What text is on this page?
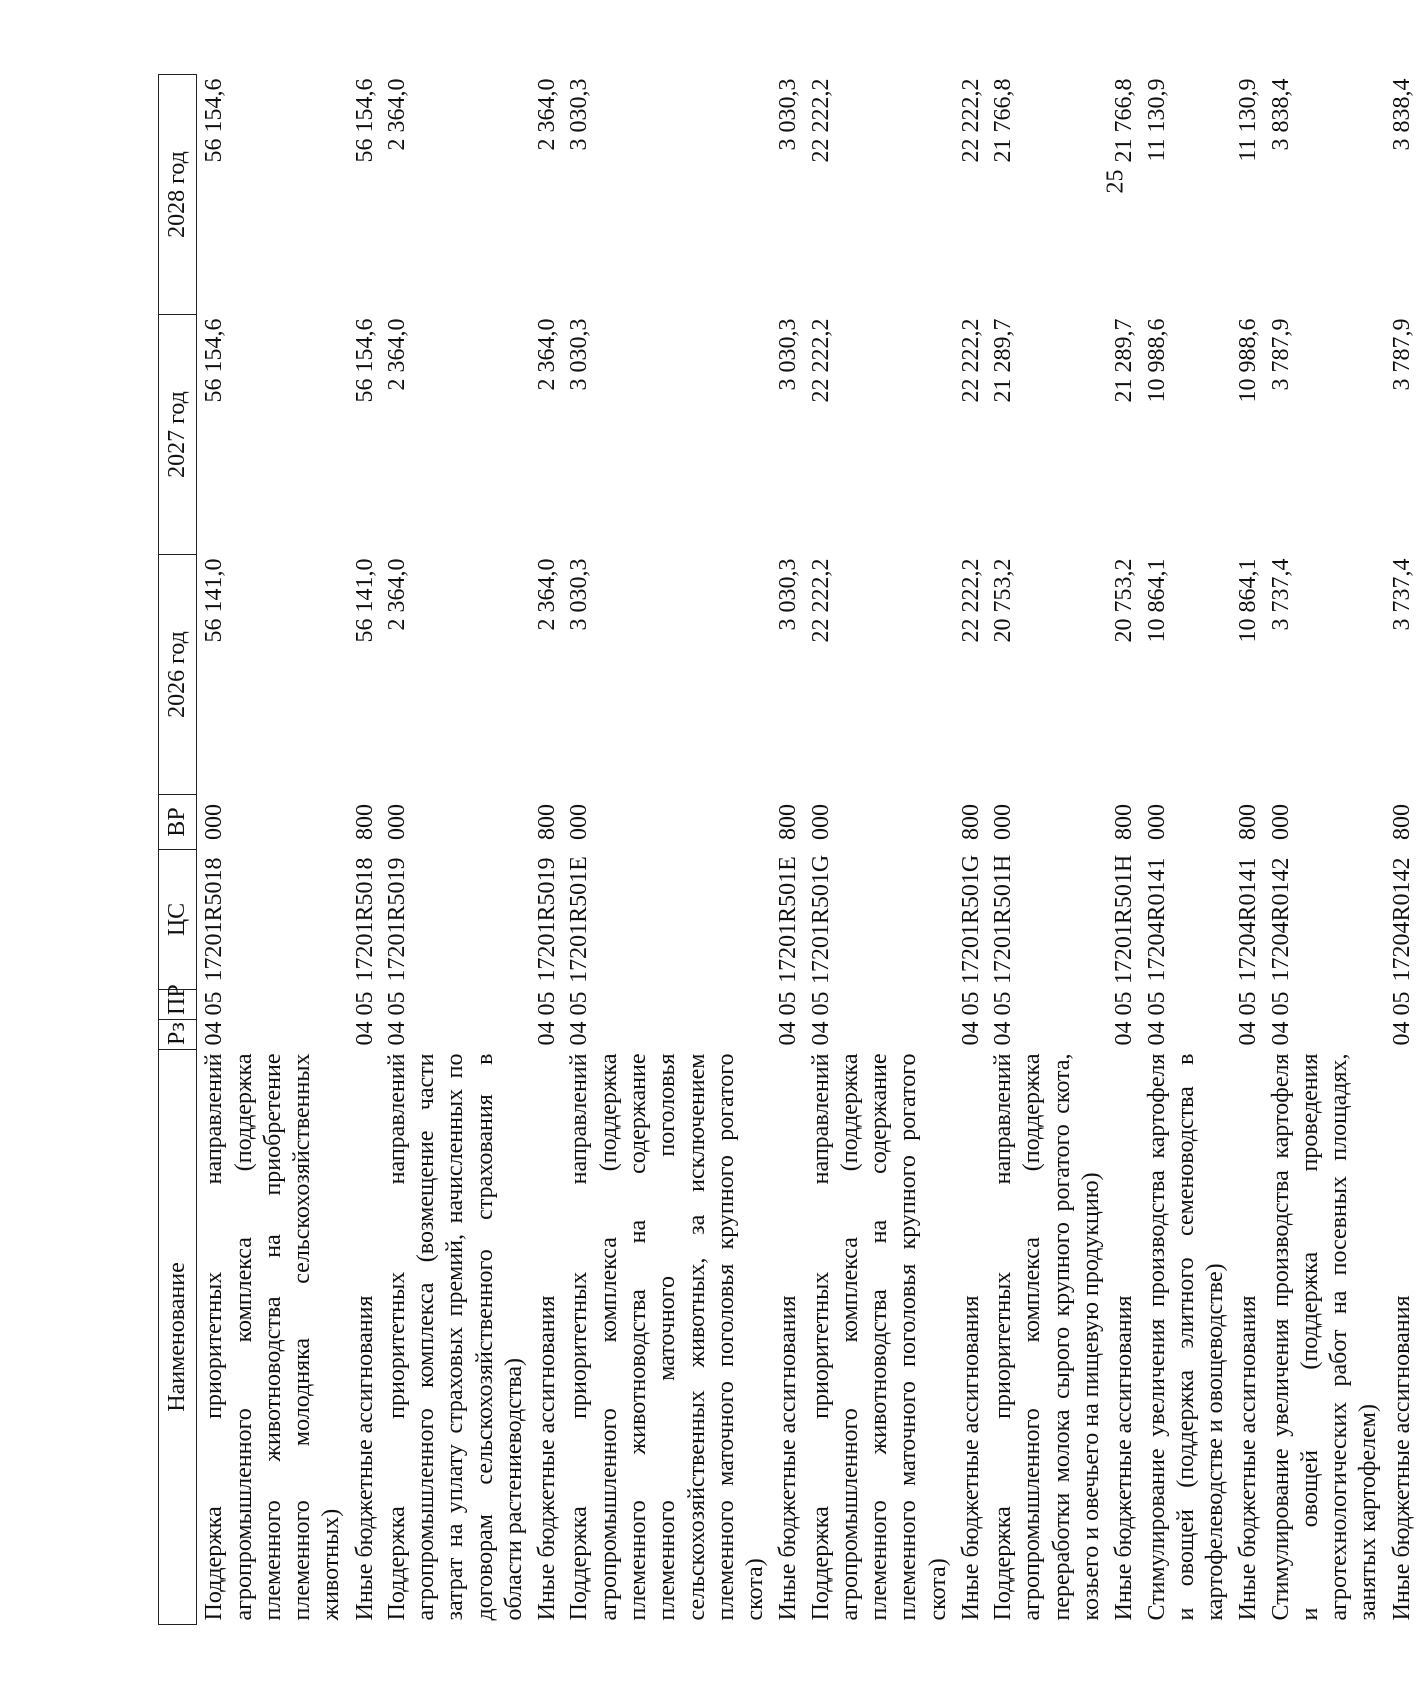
25
Наименование	Рз	ПР	ЦС	ВР	2026 год	2027 год	2028 год
Поддержка приоритетных направлений агропромышленного комплекса (поддержка племенного животноводства на приобретение племенного молодняка сельскохозяйственных животных)	04	05	17201R5018	000	56 141,0	56 154,6	56 154,6
Иные бюджетные ассигнования	04	05	17201R5018	800	56 141,0	56 154,6	56 154,6
Поддержка приоритетных направлений агропромышленного комплекса (возмещение части затрат на уплату страховых премий, начисленных по договорам сельскохозяйственного страхования в области растениеводства)	04	05	17201R5019	000	2 364,0	2 364,0	2 364,0
Иные бюджетные ассигнования	04	05	17201R5019	800	2 364,0	2 364,0	2 364,0
Поддержка приоритетных направлений агропромышленного комплекса (поддержка племенного животноводства на содержание племенного маточного поголовья сельскохозяйственных животных, за исключением племенного маточного поголовья крупного рогатого скота)	04	05	17201R501E	000	3 030,3	3 030,3	3 030,3
Иные бюджетные ассигнования	04	05	17201R501E	800	3 030,3	3 030,3	3 030,3
Поддержка приоритетных направлений агропромышленного комплекса (поддержка племенного животноводства на содержание племенного маточного поголовья крупного рогатого скота)	04	05	17201R501G	000	22 222,2	22 222,2	22 222,2
Иные бюджетные ассигнования	04	05	17201R501G	800	22 222,2	22 222,2	22 222,2
Поддержка приоритетных направлений агропромышленного комплекса (поддержка переработки молока сырого крупного рогатого скота, козьего и овечьего на пищевую продукцию)	04	05	17201R501H	000	20 753,2	21 289,7	21 766,8
Иные бюджетные ассигнования	04	05	17201R501H	800	20 753,2	21 289,7	21 766,8
Стимулирование увеличения производства картофеля и овощей (поддержка элитного семеноводства в картофелеводстве и овощеводстве)	04	05	17204R0141	000	10 864,1	10 988,6	11 130,9
Иные бюджетные ассигнования	04	05	17204R0141	800	10 864,1	10 988,6	11 130,9
Стимулирование увеличения производства картофеля и овощей (поддержка проведения агротехнологических работ на посевных площадях, занятых картофелем)	04	05	17204R0142	000	3 737,4	3 787,9	3 838,4
Иные бюджетные ассигнования	04	05	17204R0142	800	3 737,4	3 787,9	3 838,4
